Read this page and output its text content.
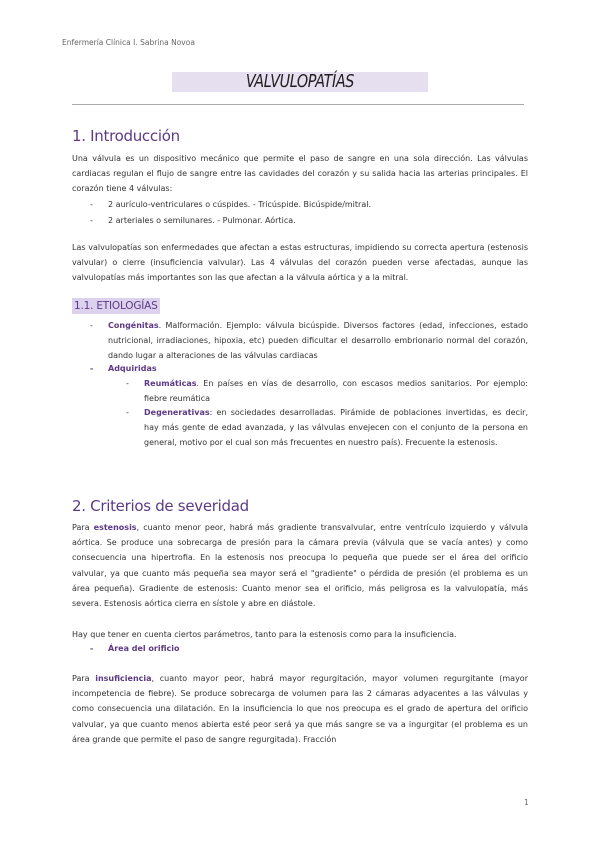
Enfermería Clínica I. Sabrina Novoa
VALVULOPATÍAS
1. Introducción

Una válvula es un dispositivo mecánico que permite el paso de sangre en una sola dirección. Las válvulas cardiacas regulan el flujo de sangre entre las cavidades del corazón y su salida hacia las arterias principales. El corazón tiene 4 válvulas:

- 2 aurículo-ventriculares o cúspides. - Tricúspide. Bicúspide/mitral.
- 2 arteriales o semilunares. - Pulmonar. Aórtica.

Las valvulopatías son enfermedades que afectan a estas estructuras, impidiendo su correcta apertura (estenosis valvular) o cierre (insuficiencia valvular). Las 4 válvulas del corazón pueden verse afectadas, aunque las valvulopatías más importantes son las que afectan a la válvula aórtica y a la mitral.

1.1. ETIOLOGÍAS
- Congénitas. Malformación. Ejemplo: válvula bicúspide. Diversos factores (edad, infecciones, estado nutricional, irradiaciones, hipoxia, etc) pueden dificultar el desarrollo embrionario normal del corazón, dando lugar a alteraciones de las válvulas cardiacas
- Adquiridas
- Reumáticas. En países en vías de desarrollo, con escasos medios sanitarios. Por ejemplo: fiebre reumática
- Degenerativas: en sociedades desarrolladas. Pirámide de poblaciones invertidas, es decir, hay más gente de edad avanzada, y las válvulas envejecen con el conjunto de la persona en general, motivo por el cual son más frecuentes en nuestro país). Frecuente la estenosis.
2. Criterios de severidad

Para estenosis, cuanto menor peor, habrá más gradiente transvalvular, entre ventrículo izquierdo y válvula aórtica. Se produce una sobrecarga de presión para la cámara previa (válvula que se vacía antes) y como consecuencia una hipertrofia. En la estenosis nos preocupa lo pequeña que puede ser el área del orificio valvular, ya que cuanto más pequeña sea mayor será el "gradiente" o pérdida de presión (el problema es un área pequeña). Gradiente de estenosis: Cuanto menor sea el orificio, más peligrosa es la valvulopatía, más severa. Estenosis aórtica cierra en sístole y abre en diástole.

Hay que tener en cuenta ciertos parámetros, tanto para la estenosis como para la insuficiencia.

- Área del orificio

Para insuficiencia, cuanto mayor peor, habrá mayor regurgitación, mayor volumen regurgitante (mayor incompetencia de fiebre). Se produce sobrecarga de volumen para las 2 cámaras adyacentes a las válvulas y como consecuencia una dilatación. En la insuficiencia lo que nos preocupa es el grado de apertura del orificio valvular, ya que cuanto menos abierta esté peor será ya que más sangre se va a ingurgitar (el problema es un área grande que permite el paso de sangre regurgitada). Fracción

1
